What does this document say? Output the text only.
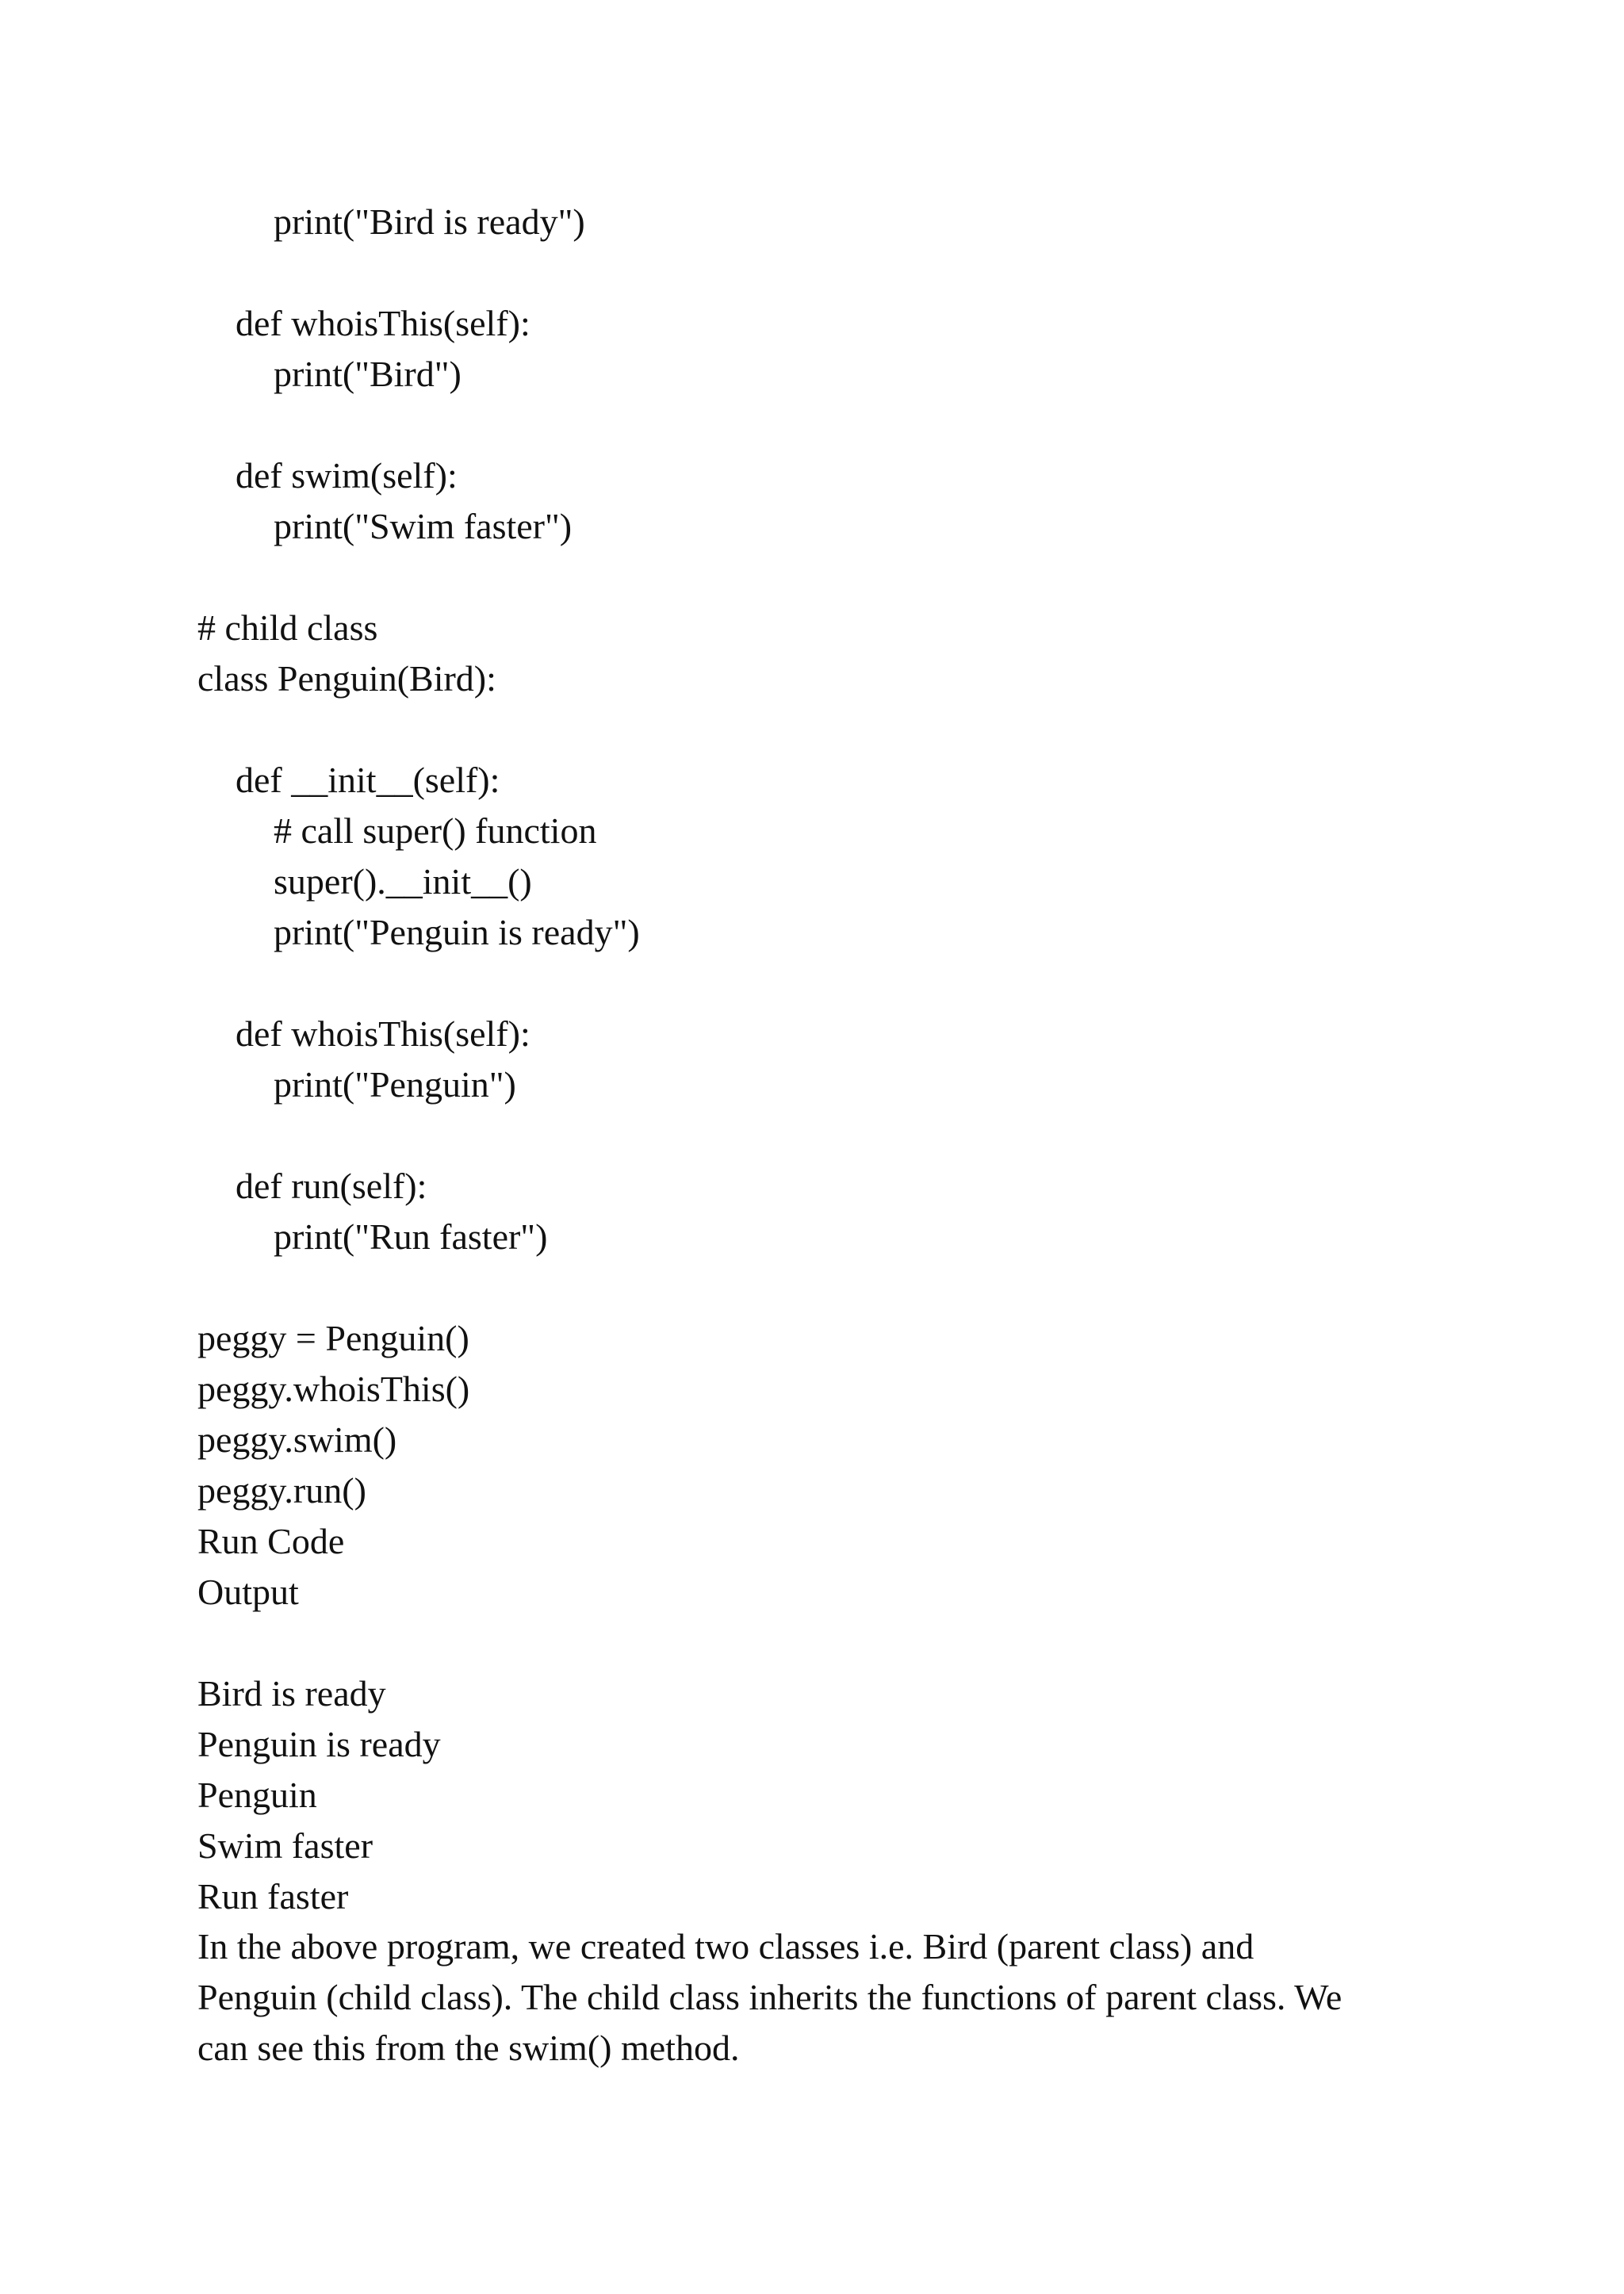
print("Bird is ready")
def whoisThis(self):
print("Bird")
def swim(self):
print("Swim faster")
# child class
class Penguin(Bird):
def __init__(self):
# call super() function
super().__init__()
print("Penguin is ready")
def whoisThis(self):
print("Penguin")
def run(self):
print("Run faster")
peggy = Penguin()
peggy.whoisThis()
peggy.swim()
peggy.run()
Run Code
Output
Bird is ready
Penguin is ready
Penguin
Swim faster
Run faster
In the above program, we created two classes i.e. Bird (parent class) and
Penguin (child class). The child class inherits the functions of parent class. We
can see this from the swim() method.
